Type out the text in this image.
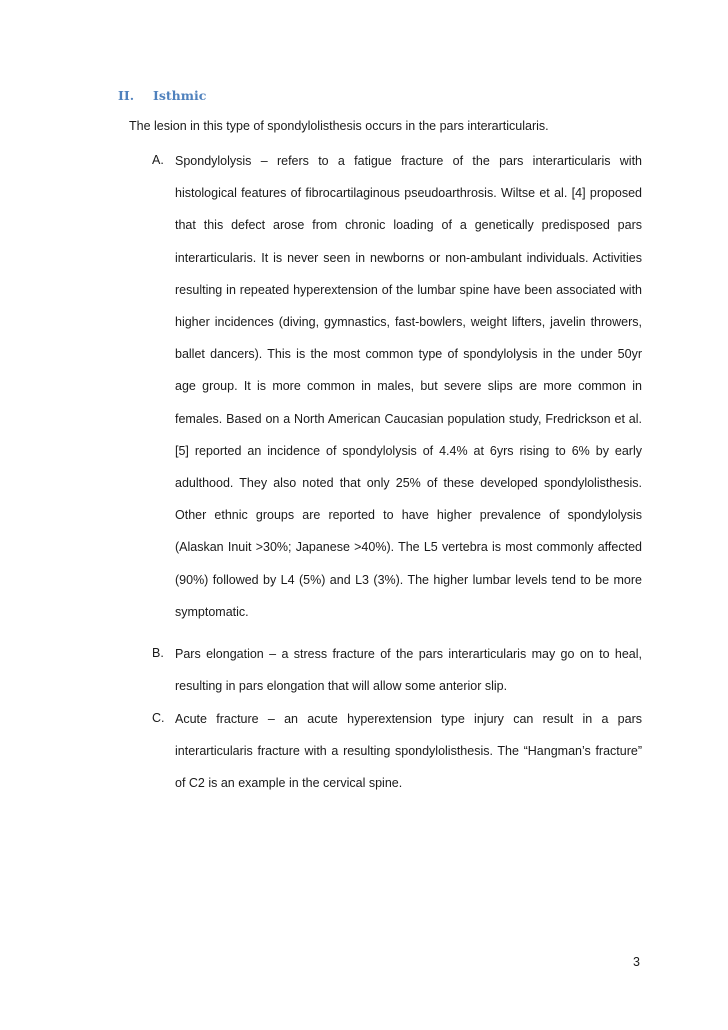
II. Isthmic
The lesion in this type of spondylolisthesis occurs in the pars interarticularis.
A. Spondylolysis – refers to a fatigue fracture of the pars interarticularis with histological features of fibrocartilaginous pseudoarthrosis. Wiltse et al. [4] proposed that this defect arose from chronic loading of a genetically predisposed pars interarticularis. It is never seen in newborns or non-ambulant individuals. Activities resulting in repeated hyperextension of the lumbar spine have been associated with higher incidences (diving, gymnastics, fast-bowlers, weight lifters, javelin throwers, ballet dancers). This is the most common type of spondylolysis in the under 50yr age group. It is more common in males, but severe slips are more common in females. Based on a North American Caucasian population study, Fredrickson et al. [5] reported an incidence of spondylolysis of 4.4% at 6yrs rising to 6% by early adulthood. They also noted that only 25% of these developed spondylolisthesis. Other ethnic groups are reported to have higher prevalence of spondylolysis (Alaskan Inuit >30%; Japanese >40%). The L5 vertebra is most commonly affected (90%) followed by L4 (5%) and L3 (3%). The higher lumbar levels tend to be more symptomatic.
B. Pars elongation – a stress fracture of the pars interarticularis may go on to heal, resulting in pars elongation that will allow some anterior slip.
C. Acute fracture – an acute hyperextension type injury can result in a pars interarticularis fracture with a resulting spondylolisthesis. The “Hangman’s fracture” of C2 is an example in the cervical spine.
3
